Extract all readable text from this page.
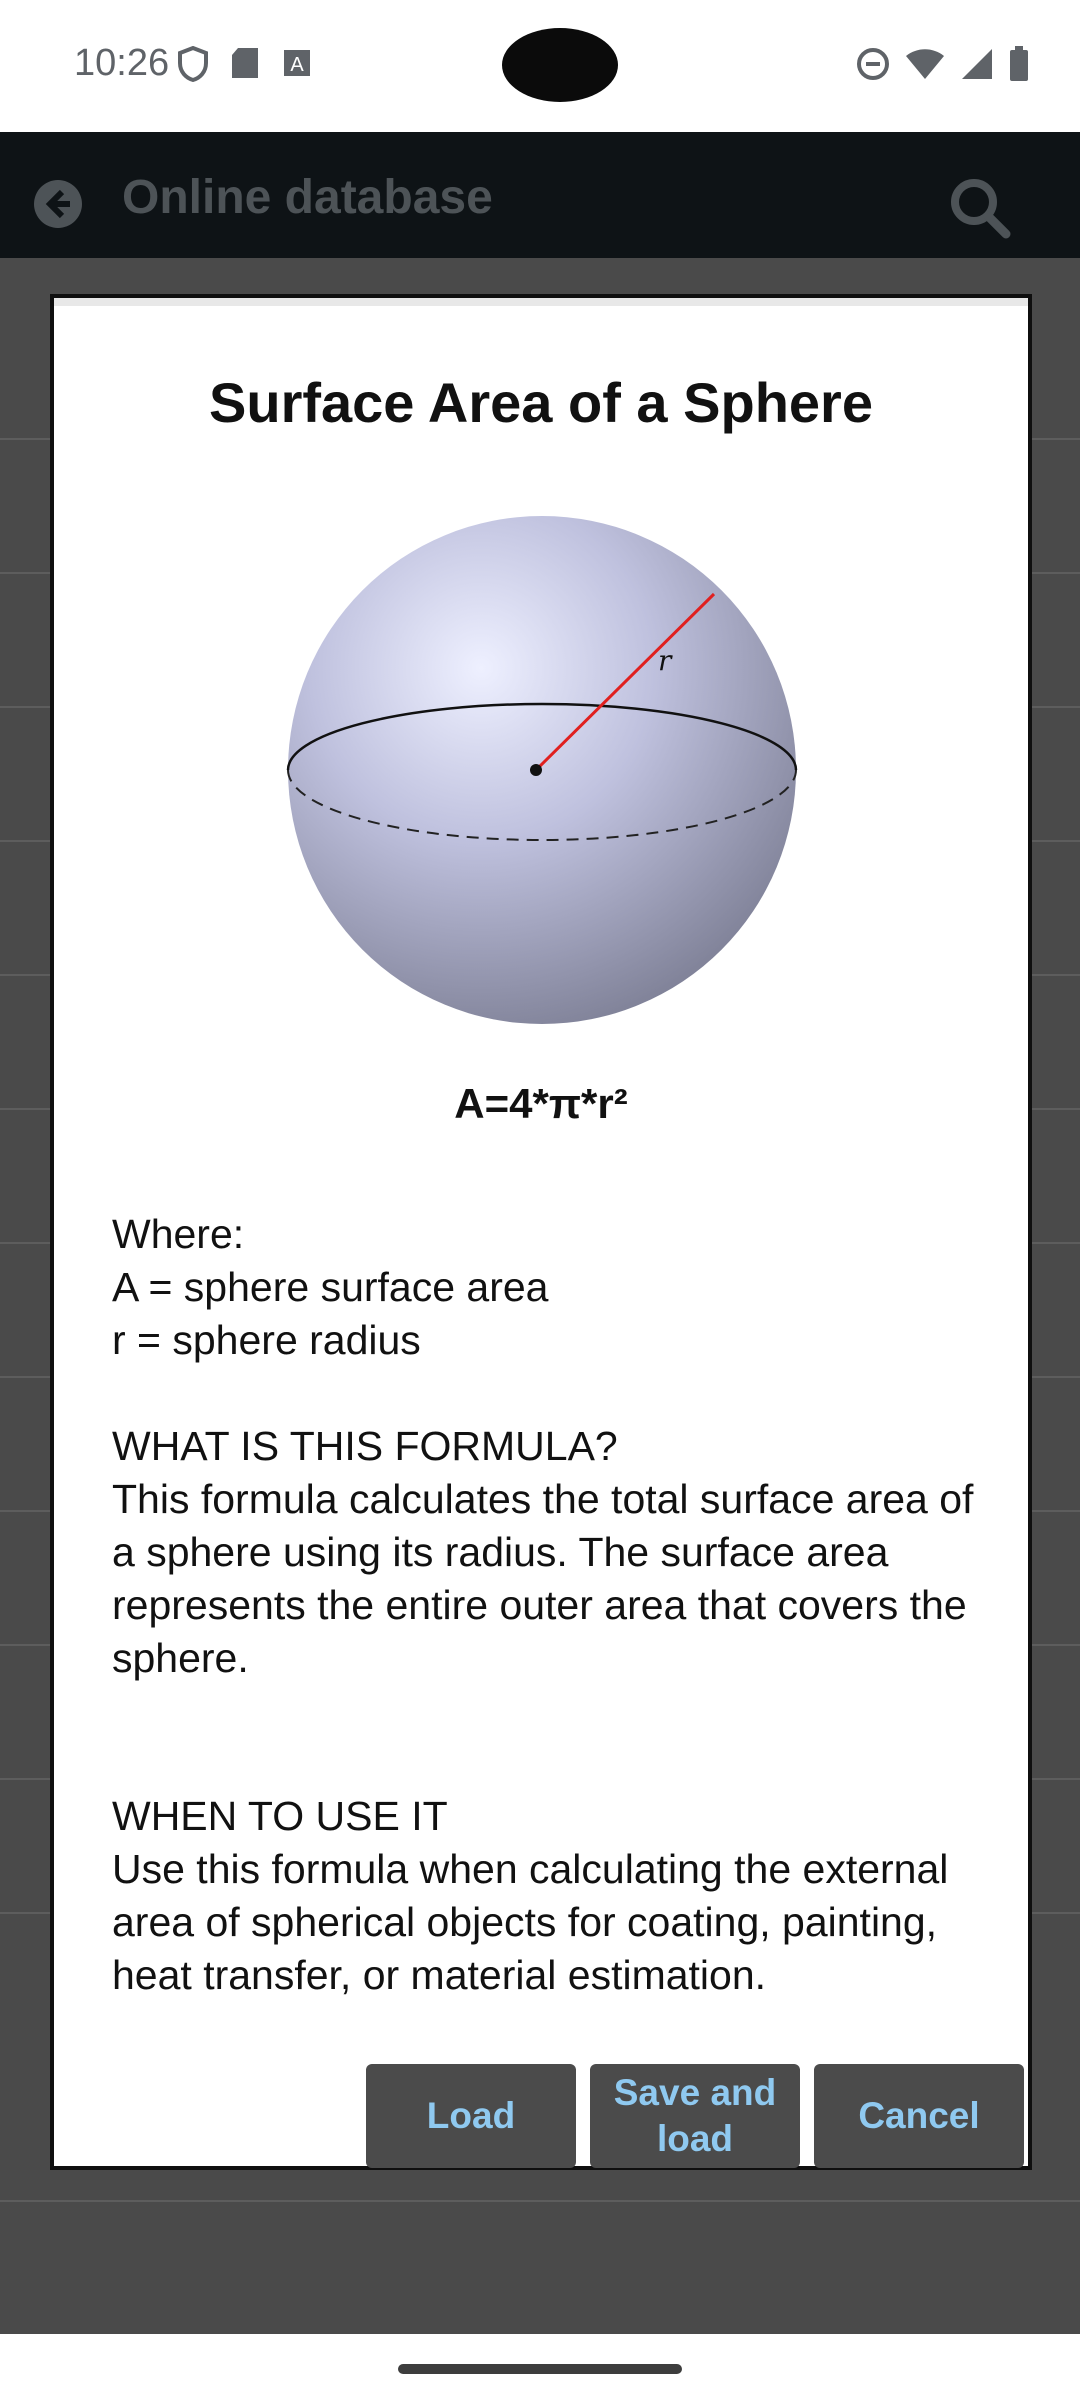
10:26	A
Online database
Surface Area of a Sphere
r
A=4*π*r²
Where:
A = sphere surface area
r = sphere radius
WHAT IS THIS FORMULA?
This formula calculates the total surface area of a sphere using its radius. The surface area represents the entire outer area that covers the sphere.
WHEN TO USE IT
Use this formula when calculating the external area of spherical objects for coating, painting, heat transfer, or material estimation.
Load
Save and load
Cancel
